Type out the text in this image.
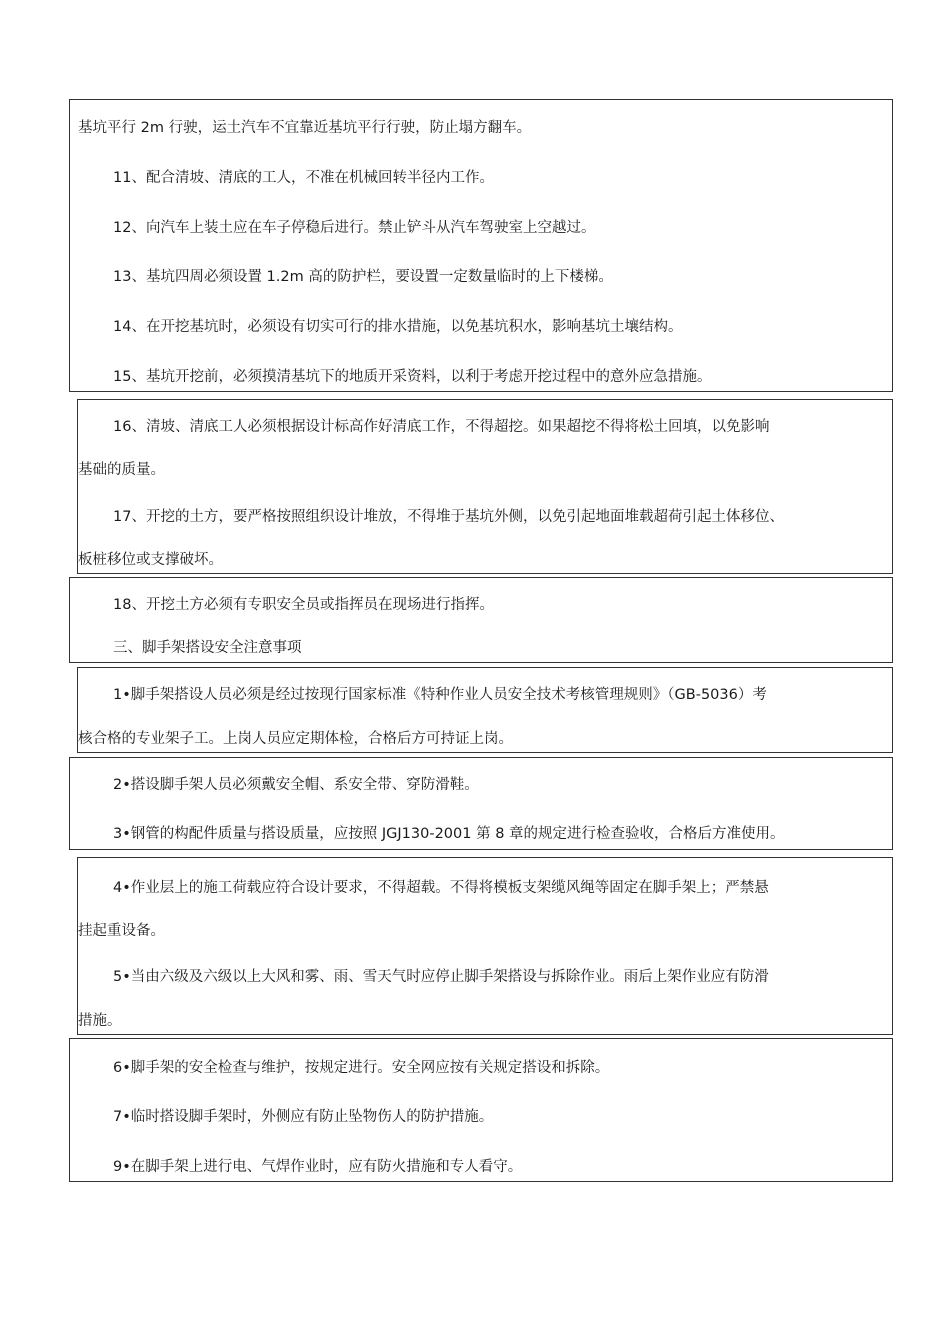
基坑平行 2m 行驶，运土汽车不宜靠近基坑平行行驶，防止塌方翻车。
11、配合清坡、清底的工人，不准在机械回转半径内工作。
12、向汽车上装土应在车子停稳后进行。禁止铲斗从汽车驾驶室上空越过。
13、基坑四周必须设置 1.2m 高的防护栏，要设置一定数量临时的上下楼梯。
14、在开挖基坑时，必须设有切实可行的排水措施，以免基坑积水，影响基坑土壤结构。
15、基坑开挖前，必须摸清基坑下的地质开采资料，以利于考虑开挖过程中的意外应急措施。
16、清坡、清底工人必须根据设计标高作好清底工作，不得超挖。如果超挖不得将松土回填，以免影响
基础的质量。
17、开挖的土方，要严格按照组织设计堆放，不得堆于基坑外侧，以免引起地面堆载超荷引起土体移位、
板桩移位或支撑破坏。
18、开挖土方必须有专职安全员或指挥员在现场进行指挥。
三、脚手架搭设安全注意事项
1•脚手架搭设人员必须是经过按现行国家标准《特种作业人员安全技术考核管理规则》（GB-5036）考
核合格的专业架子工。上岗人员应定期体检，合格后方可持证上岗。
2•搭设脚手架人员必须戴安全帽、系安全带、穿防滑鞋。
3•钢管的构配件质量与搭设质量，应按照 JGJ130-2001 第 8 章的规定进行检查验收，合格后方准使用。
4•作业层上的施工荷载应符合设计要求，不得超载。不得将模板支架缆风绳等固定在脚手架上；严禁悬
挂起重设备。
5•当由六级及六级以上大风和雾、雨、雪天气时应停止脚手架搭设与拆除作业。雨后上架作业应有防滑
措施。
6•脚手架的安全检查与维护，按规定进行。安全网应按有关规定搭设和拆除。
7•临时搭设脚手架时，外侧应有防止坠物伤人的防护措施。
9•在脚手架上进行电、气焊作业时，应有防火措施和专人看守。
